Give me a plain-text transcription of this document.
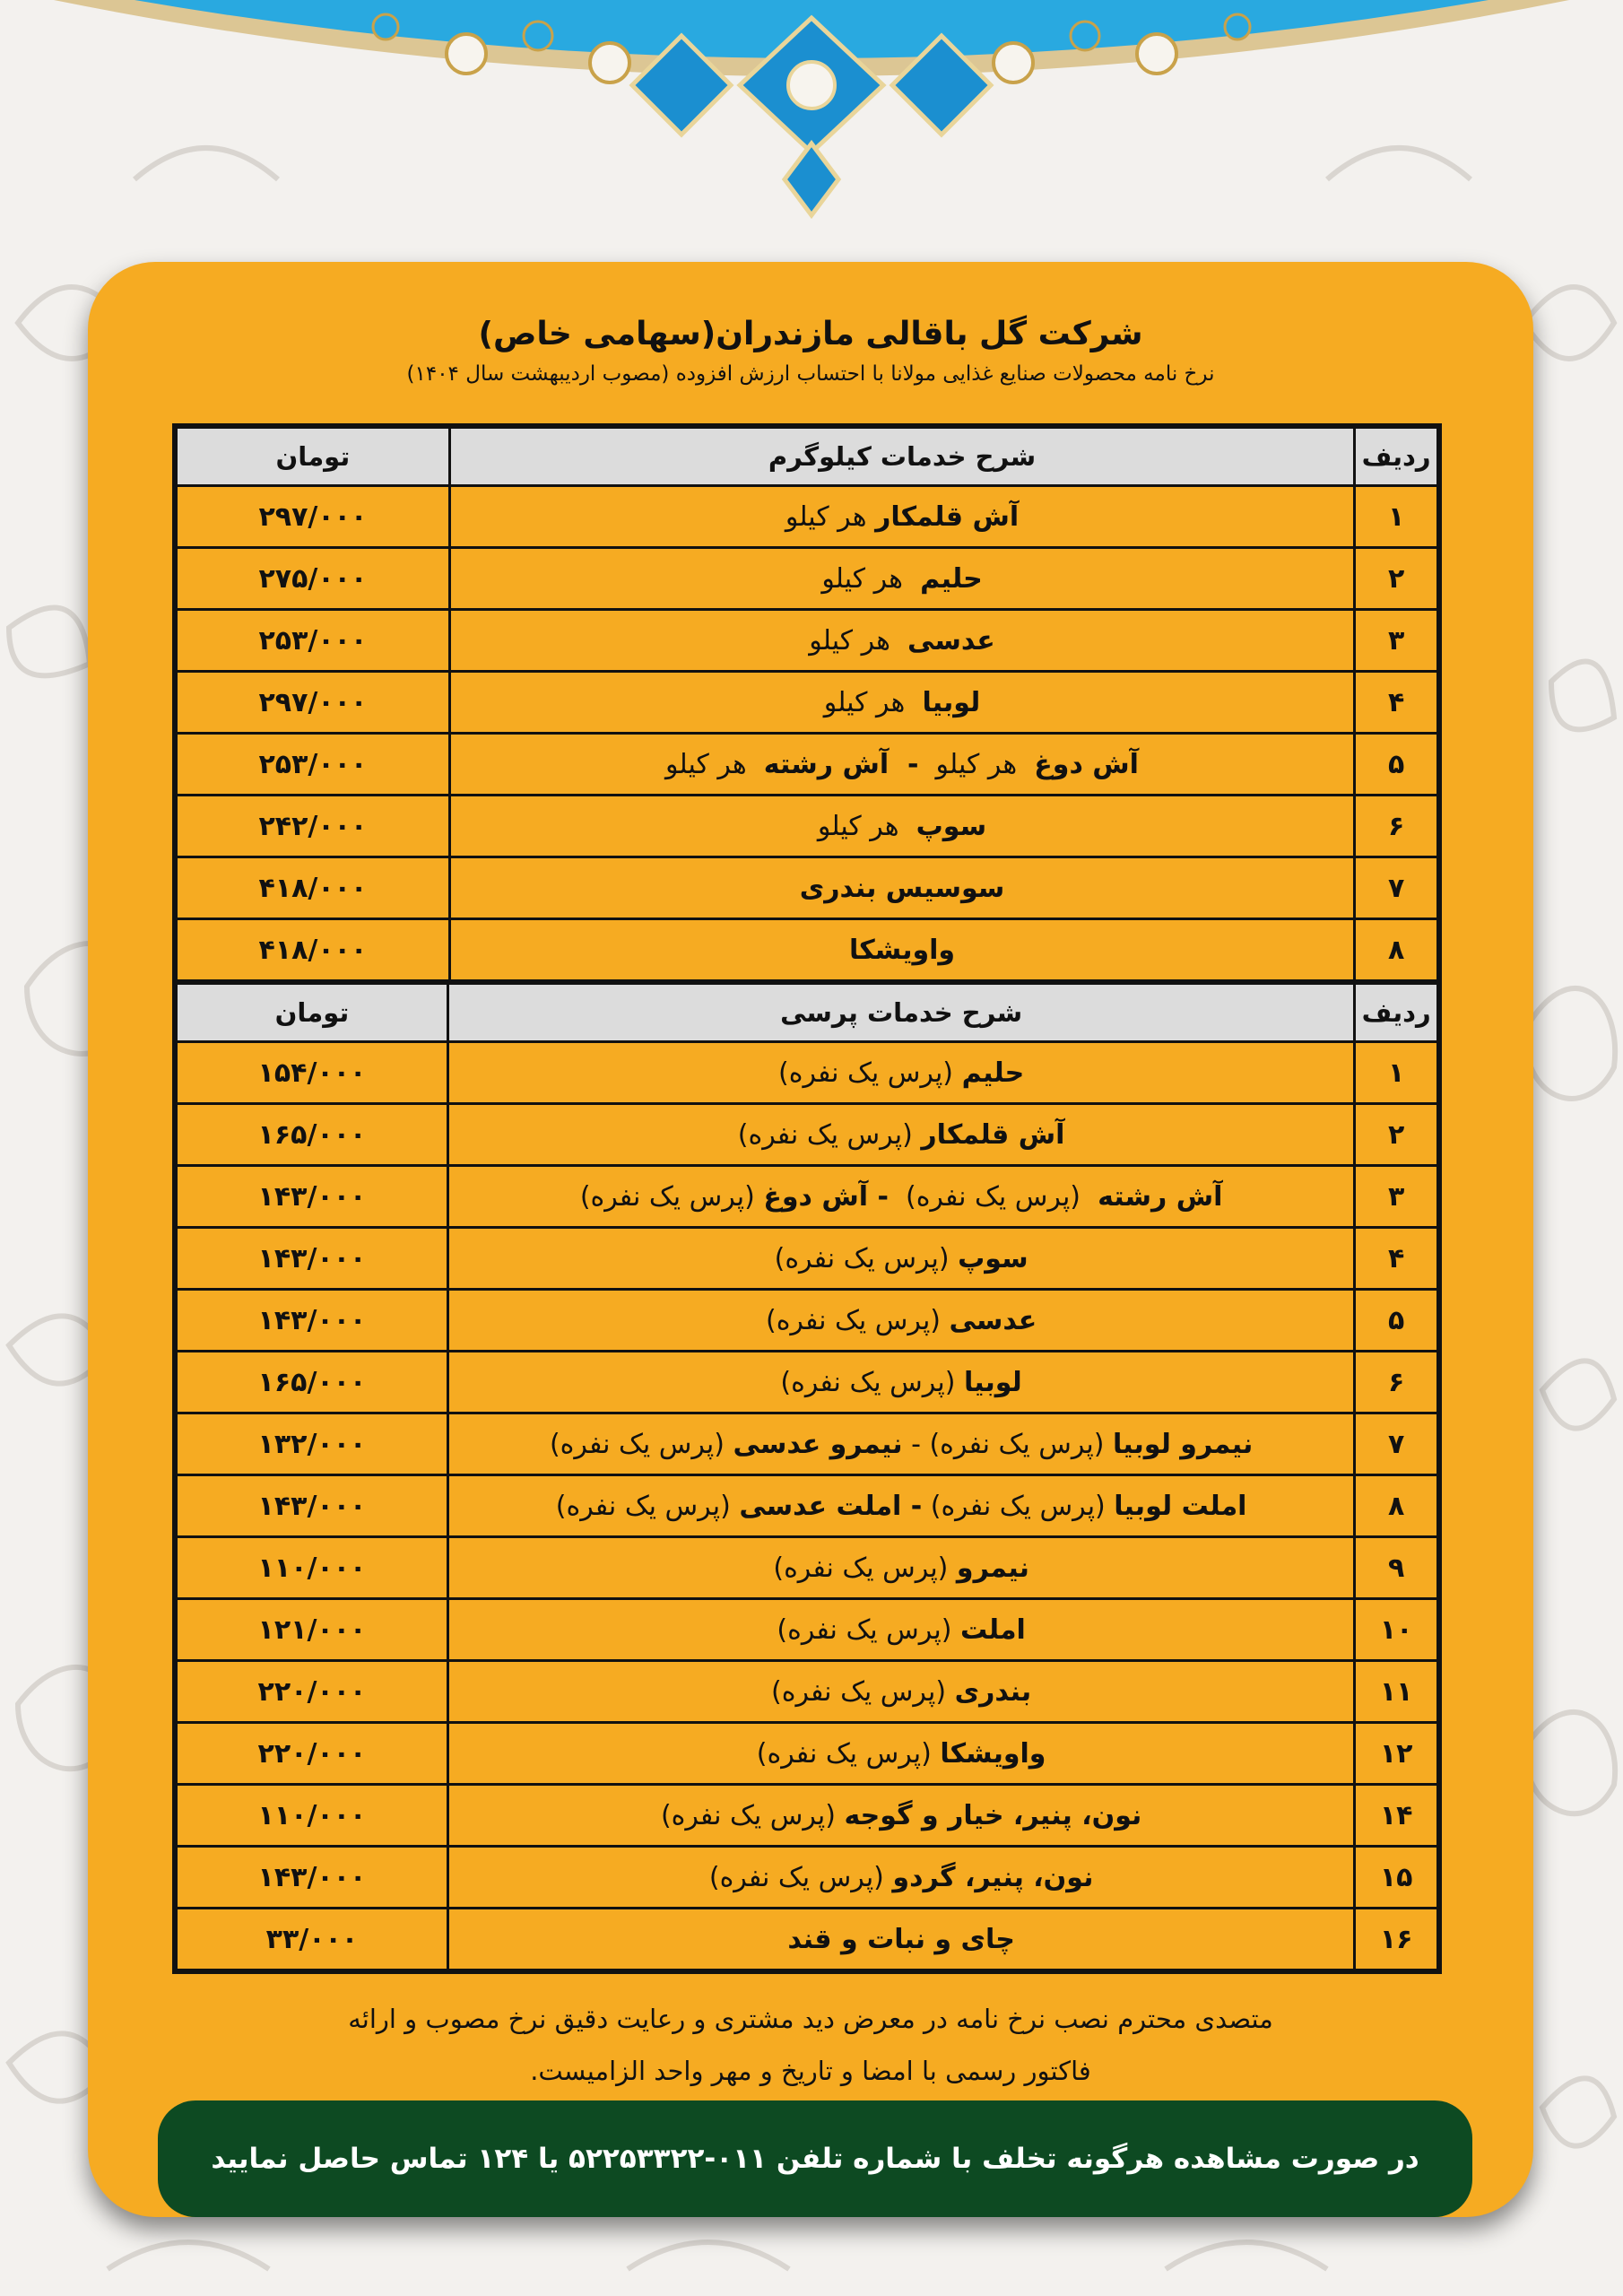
شرکت گل باقالی مازندران(سهامی خاص)
نرخ نامه محصولات صنایع غذایی مولانا با احتساب ارزش افزوده (مصوب اردیبهشت سال ۱۴۰۴)
ردیف	شرح خدمات کیلوگرم	تومان
۱	آش قلمکار هر کیلو	۲۹۷/۰۰۰
۲	حلیم  هر کیلو	۲۷۵/۰۰۰
۳	عدسی  هر کیلو	۲۵۳/۰۰۰
۴	لوبیا  هر کیلو	۲۹۷/۰۰۰
۵	آش دوغ  هر کیلو  -  آش رشته  هر کیلو	۲۵۳/۰۰۰
۶	سوپ  هر کیلو	۲۴۲/۰۰۰
۷	سوسیس بندری	۴۱۸/۰۰۰
۸	واویشکا	۴۱۸/۰۰۰
ردیف	شرح خدمات پرسی	تومان
۱	حلیم (پرس یک نفره)	۱۵۴/۰۰۰
۲	آش قلمکار (پرس یک نفره)	۱۶۵/۰۰۰
۳	آش رشته  (پرس یک نفره)  - آش دوغ (پرس یک نفره)	۱۴۳/۰۰۰
۴	سوپ (پرس یک نفره)	۱۴۳/۰۰۰
۵	عدسی (پرس یک نفره)	۱۴۳/۰۰۰
۶	لوبیا (پرس یک نفره)	۱۶۵/۰۰۰
۷	نیمرو لوبیا (پرس یک نفره) - نیمرو عدسی (پرس یک نفره)	۱۳۲/۰۰۰
۸	املت لوبیا (پرس یک نفره) - املت عدسی (پرس یک نفره)	۱۴۳/۰۰۰
۹	نیمرو (پرس یک نفره)	۱۱۰/۰۰۰
۱۰	املت (پرس یک نفره)	۱۲۱/۰۰۰
۱۱	بندری (پرس یک نفره)	۲۲۰/۰۰۰
۱۲	واویشکا (پرس یک نفره)	۲۲۰/۰۰۰
۱۴	نون، پنیر، خیار و گوجه (پرس یک نفره)	۱۱۰/۰۰۰
۱۵	نون، پنیر، گردو (پرس یک نفره)	۱۴۳/۰۰۰
۱۶	چای و نبات و قند	۳۳/۰۰۰
متصدی محترم نصب نرخ نامه در معرض دید مشتری و رعایت دقیق نرخ مصوب و ارائه
فاکتور رسمی با امضا و تاریخ و مهر واحد الزامیست.
در صورت مشاهده هرگونه تخلف با شماره تلفن ۰۱۱-۵۲۲۵۳۳۲۲ یا ۱۲۴ تماس حاصل نمایید
